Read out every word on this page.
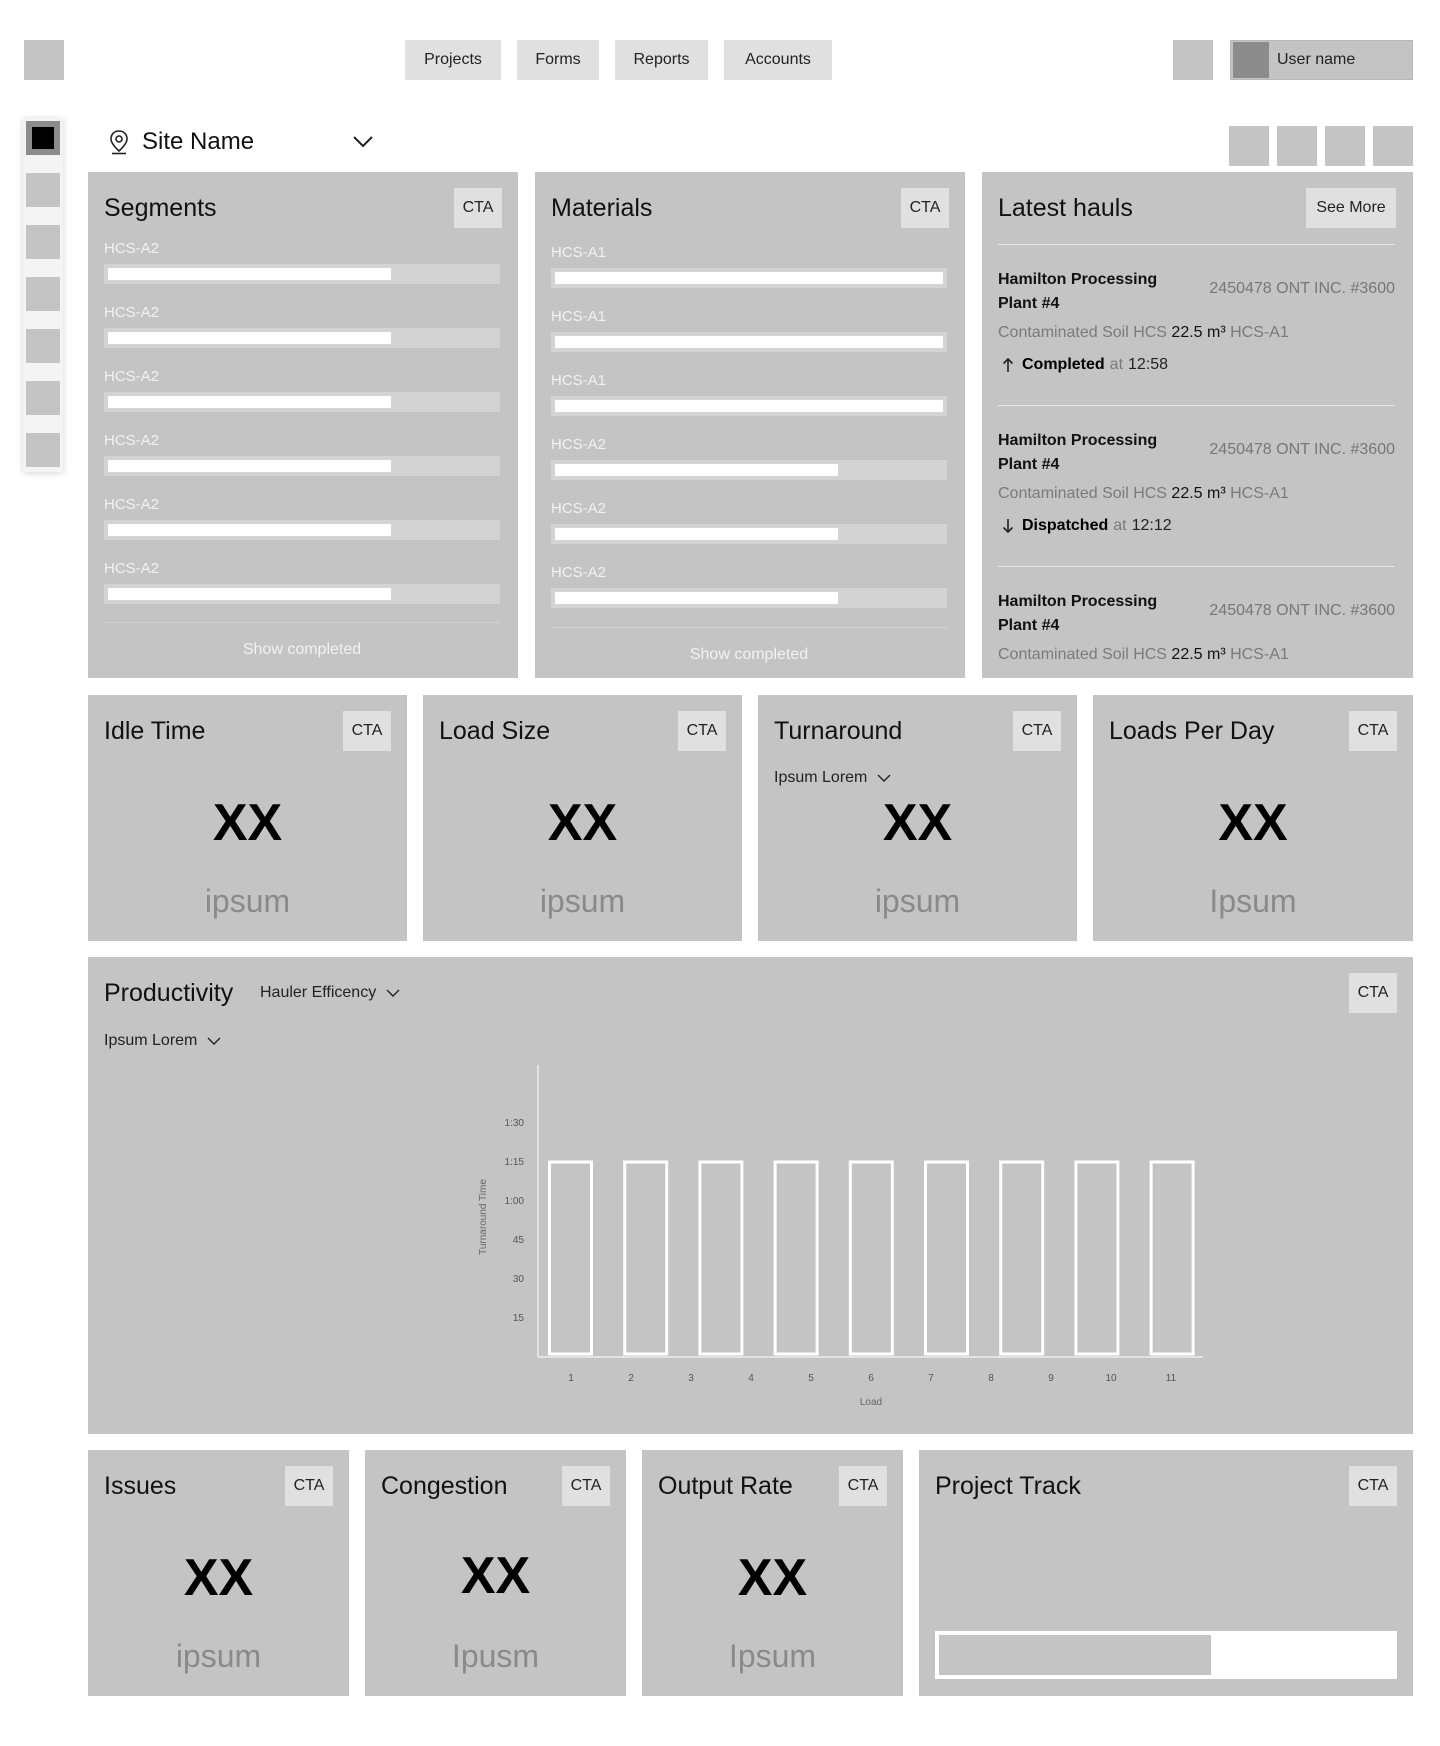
Projects	Forms	Reports	Accounts	User name
Site Name
Segments	CTA
HCS-A2
HCS-A2
HCS-A2
HCS-A2
HCS-A2
HCS-A2
Show completed
Materials	CTA
HCS-A1
HCS-A1
HCS-A1
HCS-A2
HCS-A2
HCS-A2
Show completed
Latest hauls	See More
Hamilton Processing Plant #4
2450478 ONT INC. #3600
Contaminated Soil HCS 22.5 m³ HCS-A1
Completed at 12:58
Hamilton Processing Plant #4
2450478 ONT INC. #3600
Contaminated Soil HCS 22.5 m³ HCS-A1
Dispatched at 12:12
Hamilton Processing Plant #4
2450478 ONT INC. #3600
Contaminated Soil HCS 22.5 m³ HCS-A1
Idle Time	CTA
XX
ipsum
Load Size	CTA
XX
ipsum
Turnaround	CTA
Ipsum Lorem
XX
ipsum
Loads Per Day	CTA
XX
Ipsum
Productivity Hauler Efficency	CTA
Ipsum Lorem
15
30
45
1:00
1:15
1:30
1	2	3	4	5	6	7	8	9	10	11
Load
Turnaround Time
Issues	CTA
XX
ipsum
Congestion	CTA
XX
Ipusm
Output Rate	CTA
XX
Ipsum
Project Track	CTA
